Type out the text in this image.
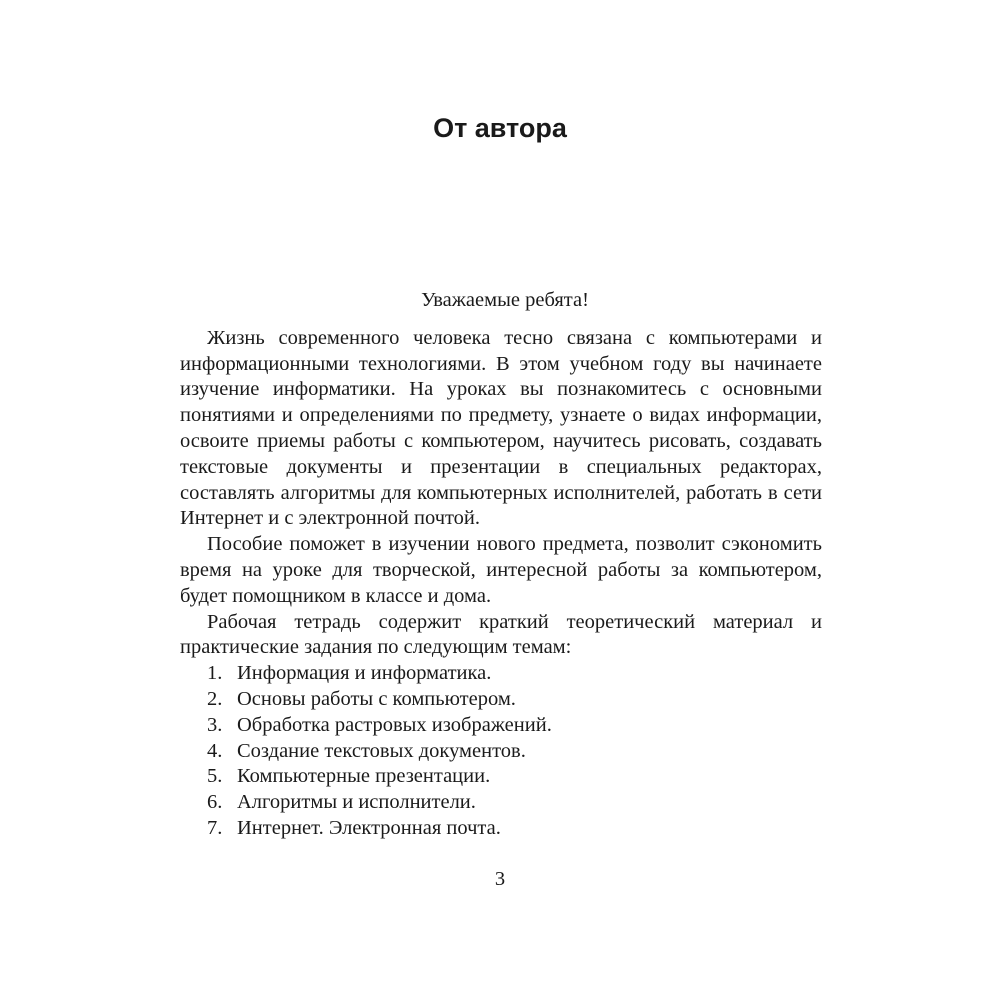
От автора

Уважаемые ребята!

Жизнь современного человека тесно связана с компьютерами и информационными технологиями. В этом учебном году вы начинаете изучение информатики. На уроках вы познакомитесь с основными понятиями и определениями по предмету, узнаете о видах информации, освоите приемы работы с компьютером, научитесь рисовать, создавать текстовые документы и презентации в специальных редакторах, составлять алгоритмы для компьютерных исполнителей, работать в сети Интернет и с электронной почтой.

Пособие поможет в изучении нового предмета, позволит сэкономить время на уроке для творческой, интересной работы за компьютером, будет помощником в классе и дома.

Рабочая тетрадь содержит краткий теоретический материал и практические задания по следующим темам:

1. Информация и информатика.
2. Основы работы с компьютером.
3. Обработка растровых изображений.
4. Создание текстовых документов.
5. Компьютерные презентации.
6. Алгоритмы и исполнители.
7. Интернет. Электронная почта.
3
